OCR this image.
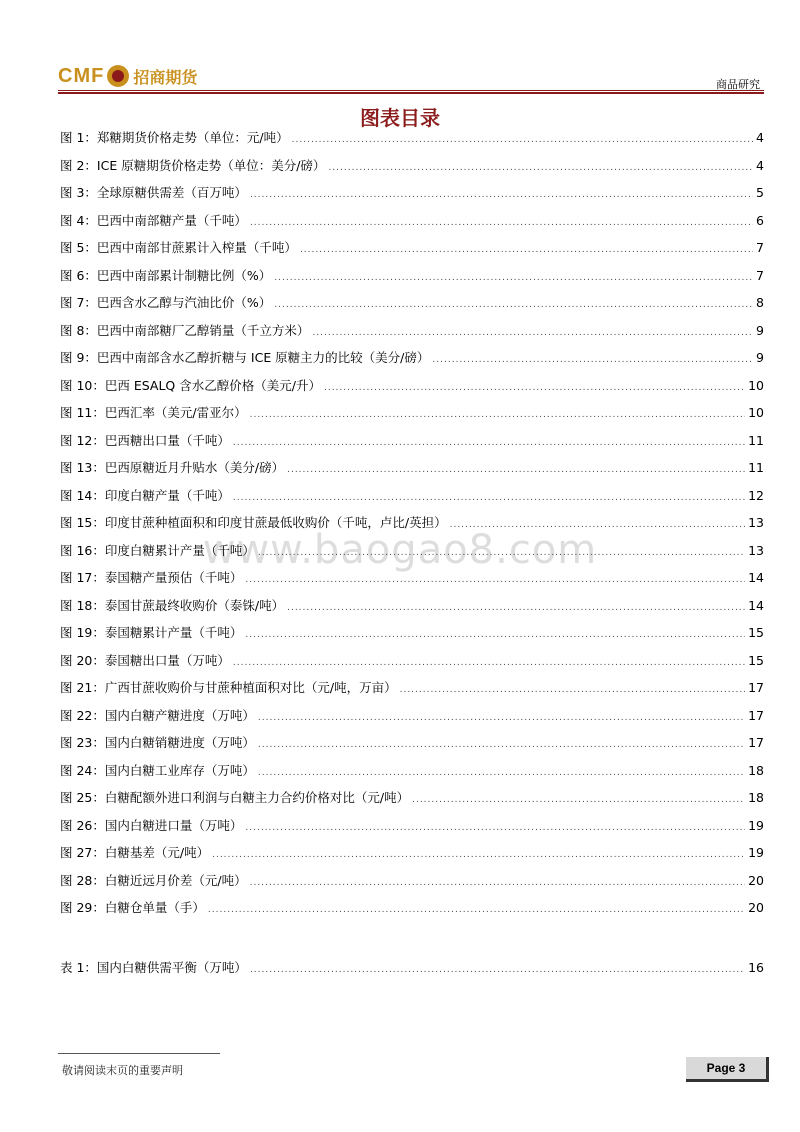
CMF 招商期货	商品研究
图表目录
www.baogao8.com
图 1：郑糖期货价格走势（单位：元/吨） .....	4
图 2：ICE 原糖期货价格走势（单位：美分/磅） .....	4
图 3：全球原糖供需差（百万吨） .....	5
图 4：巴西中南部糖产量（千吨） .....	6
图 5：巴西中南部甘蔗累计入榨量（千吨） .....	7
图 6：巴西中南部累计制糖比例（%） .....	7
图 7：巴西含水乙醇与汽油比价（%） .....	8
图 8：巴西中南部糖厂乙醇销量（千立方米） .....	9
图 9：巴西中南部含水乙醇折糖与 ICE 原糖主力的比较（美分/磅） .....	9
图 10：巴西 ESALQ 含水乙醇价格（美元/升） .....	10
图 11：巴西汇率（美元/雷亚尔） .....	10
图 12：巴西糖出口量（千吨） .....	11
图 13：巴西原糖近月升贴水（美分/磅） .....	11
图 14：印度白糖产量（千吨） .....	12
图 15：印度甘蔗种植面积和印度甘蔗最低收购价（千吨，卢比/英担） .....	13
图 16：印度白糖累计产量（千吨） .....	13
图 17：泰国糖产量预估（千吨） .....	14
图 18：泰国甘蔗最终收购价（泰铢/吨） .....	14
图 19：泰国糖累计产量（千吨） .....	15
图 20：泰国糖出口量（万吨） .....	15
图 21：广西甘蔗收购价与甘蔗种植面积对比（元/吨，万亩） .....	17
图 22：国内白糖产糖进度（万吨） .....	17
图 23：国内白糖销糖进度（万吨） .....	17
图 24：国内白糖工业库存（万吨） .....	18
图 25：白糖配额外进口利润与白糖主力合约价格对比（元/吨） .....	18
图 26：国内白糖进口量（万吨） .....	19
图 27：白糖基差（元/吨） .....	19
图 28：白糖近远月价差（元/吨） .....	20
图 29：白糖仓单量（手） .....	20
表 1：国内白糖供需平衡（万吨） .....	16
敬请阅读末页的重要声明	Page 3
